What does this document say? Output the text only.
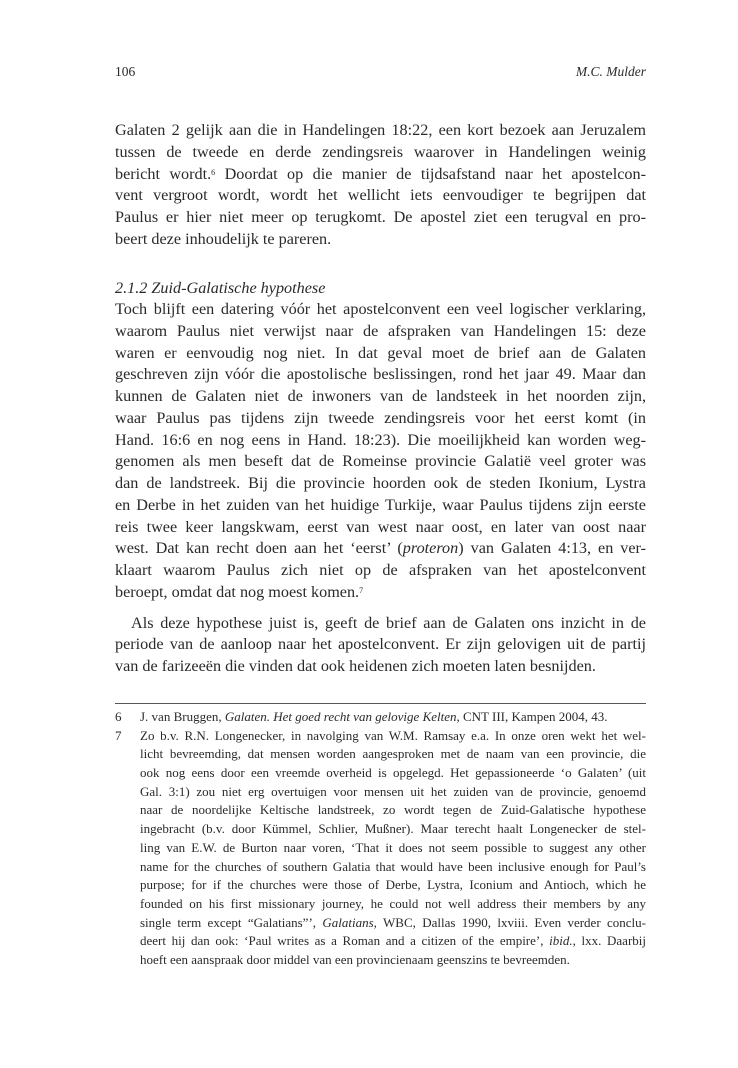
106	M.C. Mulder
Galaten 2 gelijk aan die in Handelingen 18:22, een kort bezoek aan Jeruzalem
tussen de tweede en derde zendingsreis waarover in Handelingen weinig
bericht wordt.$^6$ Doordat op die manier de tijdsafstand naar het apostelcon-
vent vergroot wordt, wordt het wellicht iets eenvoudiger te begrijpen dat
Paulus er hier niet meer op terugkomt. De apostel ziet een terugval en pro-
beert deze inhoudelijk te pareren.
2.1.2 Zuid-Galatische hypothese
Toch blijft een datering vóór het apostelconvent een veel logischer verklaring,
waarom Paulus niet verwijst naar de afspraken van Handelingen 15: deze
waren er eenvoudig nog niet. In dat geval moet de brief aan de Galaten
geschreven zijn vóór die apostolische beslissingen, rond het jaar 49. Maar dan
kunnen de Galaten niet de inwoners van de landsteek in het noorden zijn,
waar Paulus pas tijdens zijn tweede zendingsreis voor het eerst komt (in
Hand. 16:6 en nog eens in Hand. 18:23). Die moeilijkheid kan worden weg-
genomen als men beseft dat de Romeinse provincie Galatië veel groter was
dan de landstreek. Bij die provincie hoorden ook de steden Ikonium, Lystra
en Derbe in het zuiden van het huidige Turkije, waar Paulus tijdens zijn eerste
reis twee keer langskwam, eerst van west naar oost, en later van oost naar
west. Dat kan recht doen aan het ‘eerst’ (proteron) van Galaten 4:13, en ver-
klaart waarom Paulus zich niet op de afspraken van het apostelconvent
beroept, omdat dat nog moest komen.$^7$
Als deze hypothese juist is, geeft de brief aan de Galaten ons inzicht in de
periode van de aanloop naar het apostelconvent. Er zijn gelovigen uit de partij
van de farizeeën die vinden dat ook heidenen zich moeten laten besnijden.
6 J. van Bruggen, Galaten. Het goed recht van gelovige Kelten, CNT III, Kampen 2004, 43.
7 Zo b.v. R.N. Longenecker, in navolging van W.M. Ramsay e.a. In onze oren wekt het wel-
licht bevreemding, dat mensen worden aangesproken met de naam van een provincie, die
ook nog eens door een vreemde overheid is opgelegd. Het gepassioneerde ‘o Galaten’ (uit
Gal. 3:1) zou niet erg overtuigen voor mensen uit het zuiden van de provincie, genoemd
naar de noordelijke Keltische landstreek, zo wordt tegen de Zuid-Galatische hypothese
ingebracht (b.v. door Kümmel, Schlier, Mußner). Maar terecht haalt Longenecker de stel-
ling van E.W. de Burton naar voren, ‘That it does not seem possible to suggest any other
name for the churches of southern Galatia that would have been inclusive enough for Paul’s
purpose; for if the churches were those of Derbe, Lystra, Iconium and Antioch, which he
founded on his first missionary journey, he could not well address their members by any
single term except “Galatians”’, Galatians, WBC, Dallas 1990, lxviii. Even verder conclu-
deert hij dan ook: ‘Paul writes as a Roman and a citizen of the empire’, ibid., lxx. Daarbij
hoeft een aanspraak door middel van een provincienaam geenszins te bevreemden.
